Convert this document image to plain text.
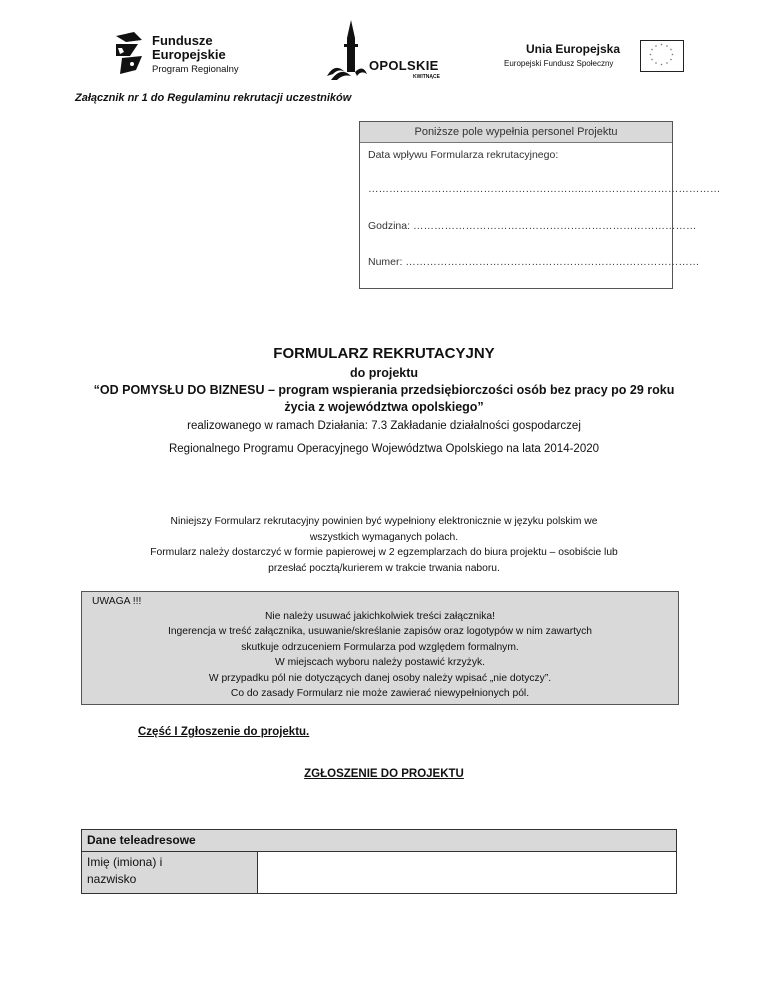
Fundusze
Europejskie
Program Regionalny	OPOLSKIE
KWITNĄCE
Unia Europejska
Europejski Fundusz Społeczny
* *
*
*
*
*
*
*
*
*
*
*
Załącznik nr 1 do Regulaminu rekrutacji uczestników
Poniższe pole wypełnia personel Projektu
Data wpływu Formularza rekrutacyjnego:
……………………………………………………..…………………………………
Godzina: ………………………………………………………………………
Numer: …………………………………………………………………………
FORMULARZ REKRUTACYJNY
do projektu
“OD POMYSŁU DO BIZNESU – program wspierania przedsiębiorczości osób bez pracy po 29 roku
życia z województwa opolskiego”
realizowanego w ramach Działania: 7.3 Zakładanie działalności gospodarczej
Regionalnego Programu Operacyjnego Województwa Opolskiego na lata 2014-2020
Niniejszy Formularz rekrutacyjny powinien być wypełniony elektronicznie w języku polskim we
wszystkich wymaganych polach.
Formularz należy dostarczyć w formie papierowej w 2 egzemplarzach do biura projektu – osobiście lub
przesłać pocztą/kurierem w trakcie trwania naboru.
UWAGA !!!
Nie należy usuwać jakichkolwiek treści załącznika!
Ingerencja w treść załącznika, usuwanie/skreślanie zapisów oraz logotypów w nim zawartych
skutkuje odrzuceniem Formularza pod względem formalnym.
W miejscach wyboru należy postawić krzyżyk.
W przypadku pól nie dotyczących danej osoby należy wpisać „nie dotyczy”.
Co do zasady Formularz nie może zawierać niewypełnionych pól.
Część I Zgłoszenie do projektu.
ZGŁOSZENIE DO PROJEKTU
Dane teleadresowe

Imię (imiona) i
nazwisko
